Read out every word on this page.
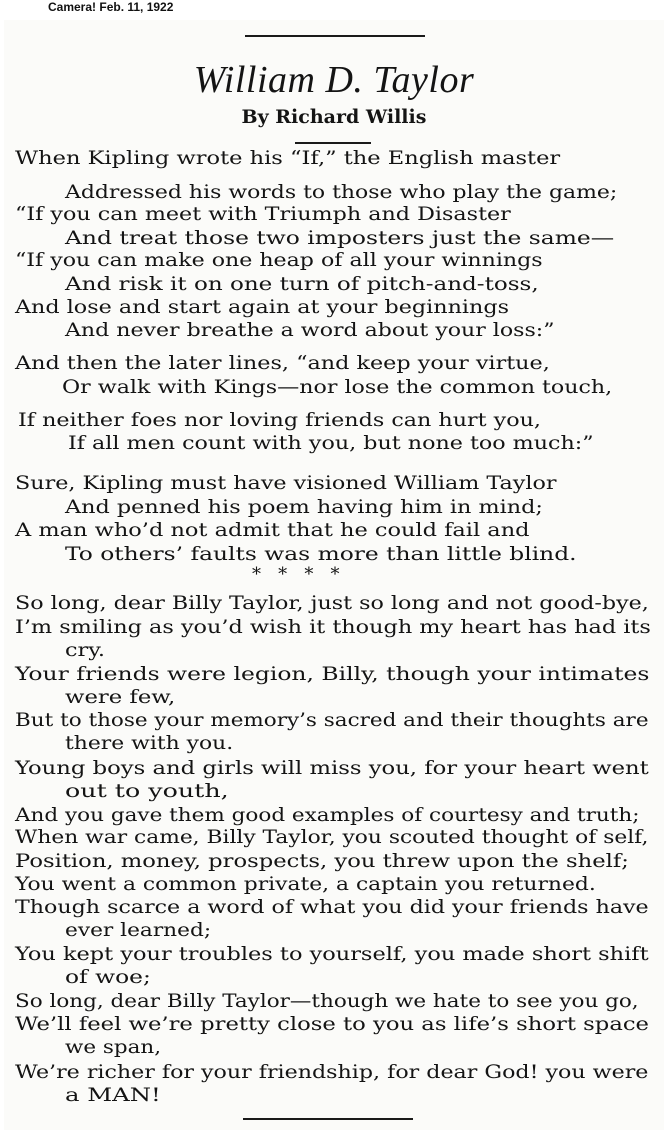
Camera! Feb. 11, 1922
William D. Taylor
By Richard Willis
When Kipling wrote his “If,” the English master
Addressed his words to those who play the game;
“If you can meet with Triumph and Disaster
And treat those two imposters just the same—
“If you can make one heap of all your winnings
And risk it on one turn of pitch-and-toss,
And lose and start again at your beginnings
And never breathe a word about your loss:”
And then the later lines, “and keep your virtue,
Or walk with Kings—nor lose the common touch,
If neither foes nor loving friends can hurt you,
If all men count with you, but none too much:”
Sure, Kipling must have visioned William Taylor
And penned his poem having him in mind;
A man who’d not admit that he could fail and
To others’ faults was more than little blind.
*   *   *   *
So long, dear Billy Taylor, just so long and not good-bye,
I’m smiling as you’d wish it though my heart has had its
cry.
Your friends were legion, Billy, though your intimates
were few,
But to those your memory’s sacred and their thoughts are
there with you.
Young boys and girls will miss you, for your heart went
out to youth,
And you gave them good examples of courtesy and truth;
When war came, Billy Taylor, you scouted thought of self,
Position, money, prospects, you threw upon the shelf;
You went a common private, a captain you returned.
Though scarce a word of what you did your friends have
ever learned;
You kept your troubles to yourself, you made short shift
of woe;
So long, dear Billy Taylor—though we hate to see you go,
We’ll feel we’re pretty close to you as life’s short space
we span,
We’re richer for your friendship, for dear God! you were
a MAN!
